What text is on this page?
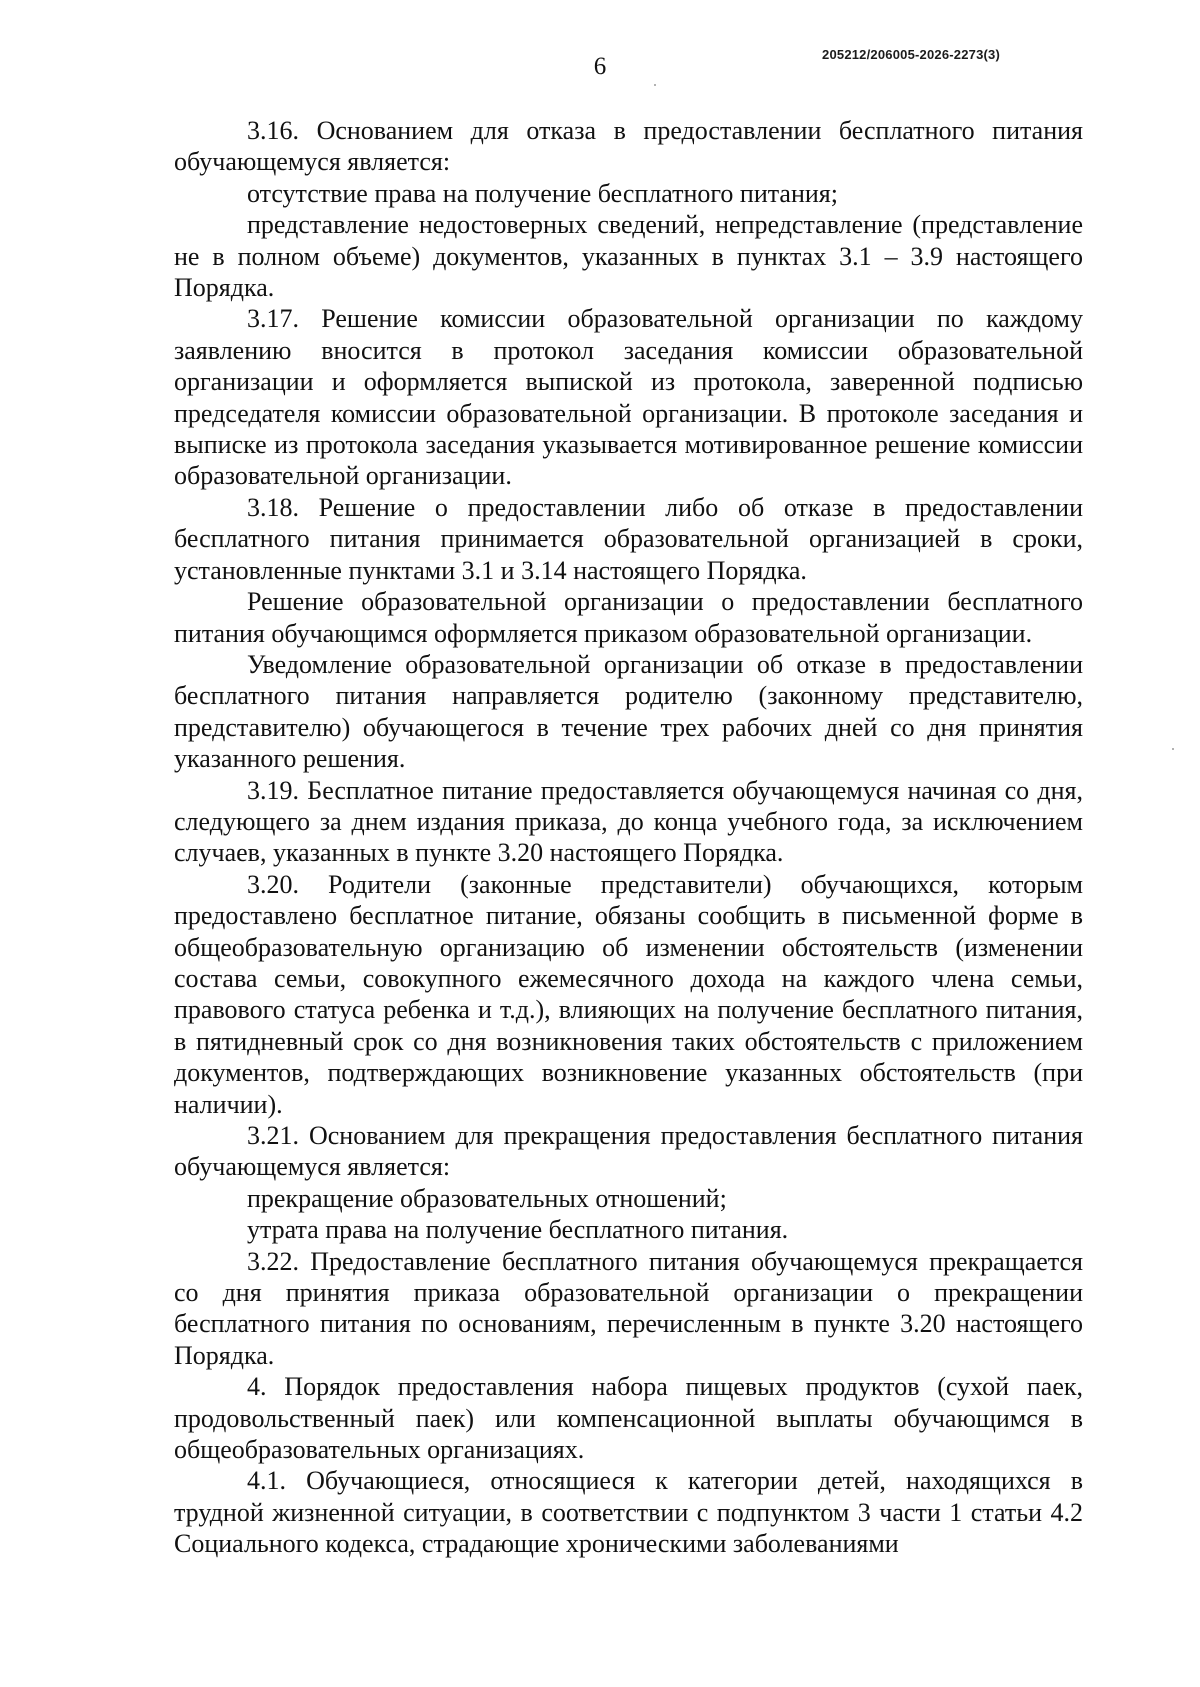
6	205212/206005-2026-2273(3)

3.16. Основанием для отказа в предоставлении бесплатного питания обучающемуся является:

отсутствие права на получение бесплатного питания;

представление недостоверных сведений, непредставление (представление не в полном объеме) документов, указанных в пунктах 3.1 – 3.9 настоящего Порядка.

3.17. Решение комиссии образовательной организации по каждому заявлению вносится в протокол заседания комиссии образовательной организации и оформляется выпиской из протокола, заверенной подписью председателя комиссии образовательной организации. В протоколе заседания и выписке из протокола заседания указывается мотивированное решение комиссии образовательной организации.

3.18. Решение о предоставлении либо об отказе в предоставлении бесплатного питания принимается образовательной организацией в сроки, установленные пунктами 3.1 и 3.14 настоящего Порядка.

Решение образовательной организации о предоставлении бесплатного питания обучающимся оформляется приказом образовательной организации.

Уведомление образовательной организации об отказе в предоставлении бесплатного питания направляется родителю (законному представителю, представителю) обучающегося в течение трех рабочих дней со дня принятия указанного решения.

3.19. Бесплатное питание предоставляется обучающемуся начиная со дня, следующего за днем издания приказа, до конца учебного года, за исключением случаев, указанных в пункте 3.20 настоящего Порядка.

3.20. Родители (законные представители) обучающихся, которым предоставлено бесплатное питание, обязаны сообщить в письменной форме в общеобразовательную организацию об изменении обстоятельств (изменении состава семьи, совокупного ежемесячного дохода на каждого члена семьи, правового статуса ребенка и т.д.), влияющих на получение бесплатного питания, в пятидневный срок со дня возникновения таких обстоятельств с приложением документов, подтверждающих возникновение указанных обстоятельств (при наличии).

3.21. Основанием для прекращения предоставления бесплатного питания обучающемуся является:

прекращение образовательных отношений;

утрата права на получение бесплатного питания.

3.22. Предоставление бесплатного питания обучающемуся прекращается со дня принятия приказа образовательной организации о прекращении бесплатного питания по основаниям, перечисленным в пункте 3.20 настоящего Порядка.

4. Порядок предоставления набора пищевых продуктов (сухой паек, продовольственный паек) или компенсационной выплаты обучающимся в общеобразовательных организациях.

4.1. Обучающиеся, относящиеся к категории детей, находящихся в трудной жизненной ситуации, в соответствии с подпунктом 3 части 1 статьи 4.2 Социального кодекса, страдающие хроническими заболеваниями
